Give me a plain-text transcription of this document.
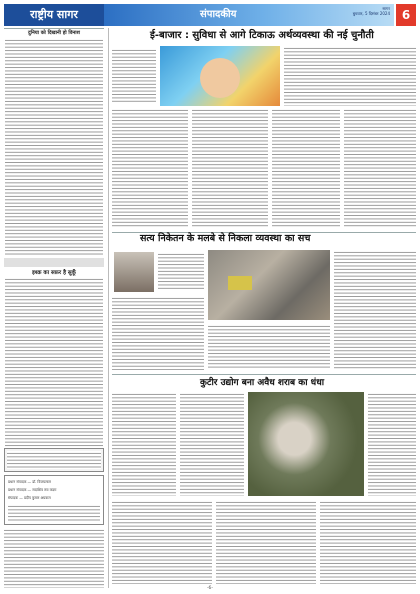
राष्ट्रीय सागर	संपादकीय
सागर
बुधवार, 5 दिसंबर 2024 6
दुनिया को दिखानी हो विनाश
इश्क़ का सफ़र है सुकूँ
प्रधान संपादक — डॉ. विजयलाल
प्रधान संपादक — सदाशिव राव कदम
संपादक — प्रदीप कुमार अग्रवाल
ई-बाजार : सुविधा से आगे टिकाऊ अर्थव्यवस्था की नई चुनौती
सत्य निकेतन के मलबे से निकला व्यवस्था का सच
कुटीर उद्योग बना अवैध शराब का धंधा
-6-
